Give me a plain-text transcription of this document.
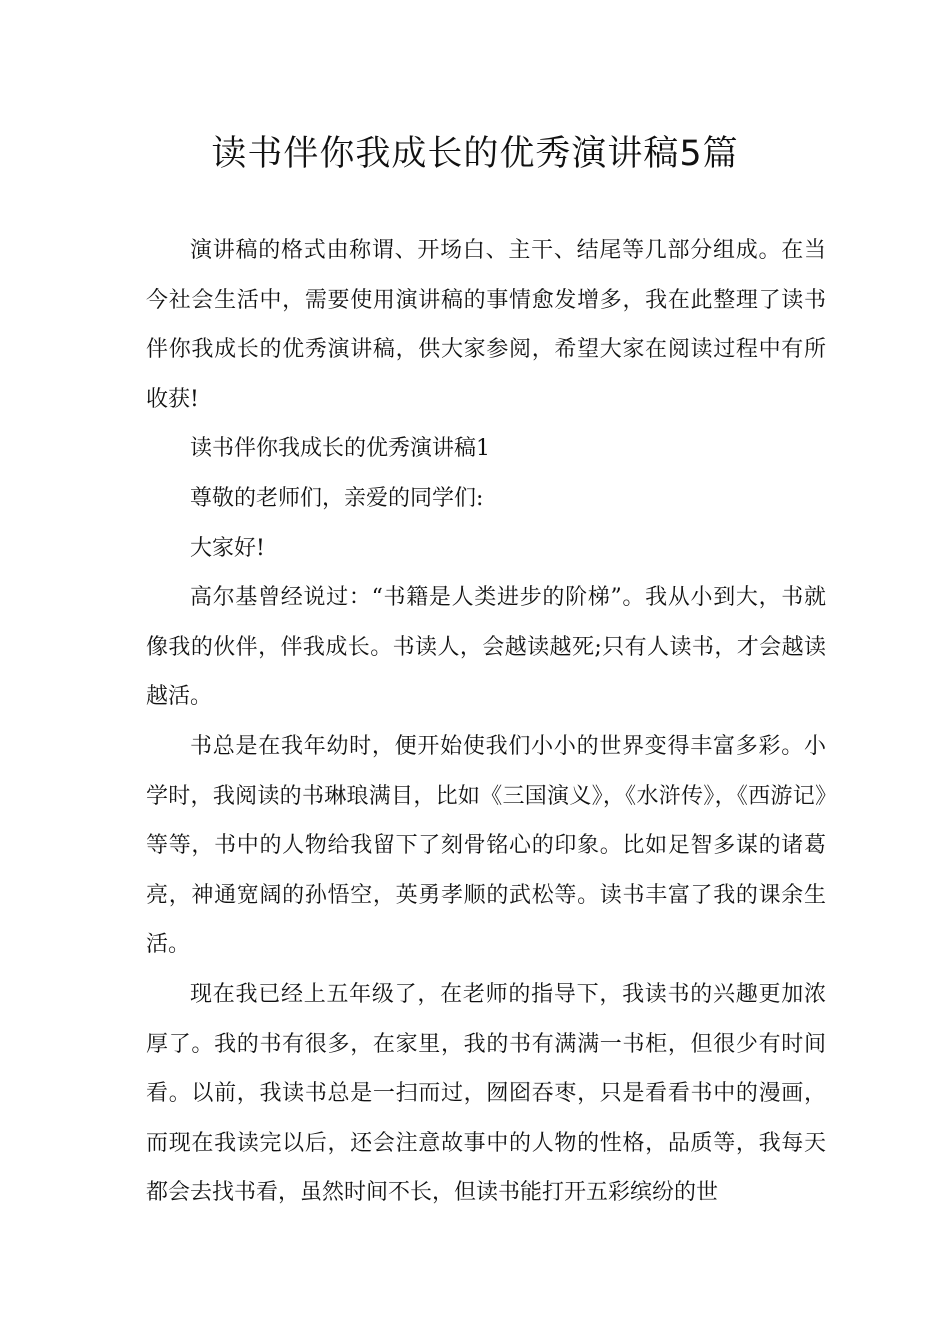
读书伴你我成长的优秀演讲稿5篇

演讲稿的格式由称谓、开场白、主干、结尾等几部分组成。在当今社会生活中，需要使用演讲稿的事情愈发增多，我在此整理了读书伴你我成长的优秀演讲稿，供大家参阅，希望大家在阅读过程中有所收获!

读书伴你我成长的优秀演讲稿1

尊敬的老师们，亲爱的同学们:

大家好!

高尔基曾经说过：“书籍是人类进步的阶梯”。我从小到大，书就像我的伙伴，伴我成长。书读人，会越读越死;只有人读书，才会越读越活。

书总是在我年幼时，便开始使我们小小的世界变得丰富多彩。小学时，我阅读的书琳琅满目，比如《三国演义》，《水浒传》，《西游记》等等，书中的人物给我留下了刻骨铭心的印象。比如足智多谋的诸葛亮，神通宽阔的孙悟空，英勇孝顺的武松等。读书丰富了我的课余生活。

现在我已经上五年级了，在老师的指导下，我读书的兴趣更加浓厚了。我的书有很多，在家里，我的书有满满一书柜，但很少有时间看。以前，我读书总是一扫而过，囫囵吞枣，只是看看书中的漫画，而现在我读完以后，还会注意故事中的人物的性格，品质等，我每天都会去找书看，虽然时间不长，但读书能打开五彩缤纷的世
